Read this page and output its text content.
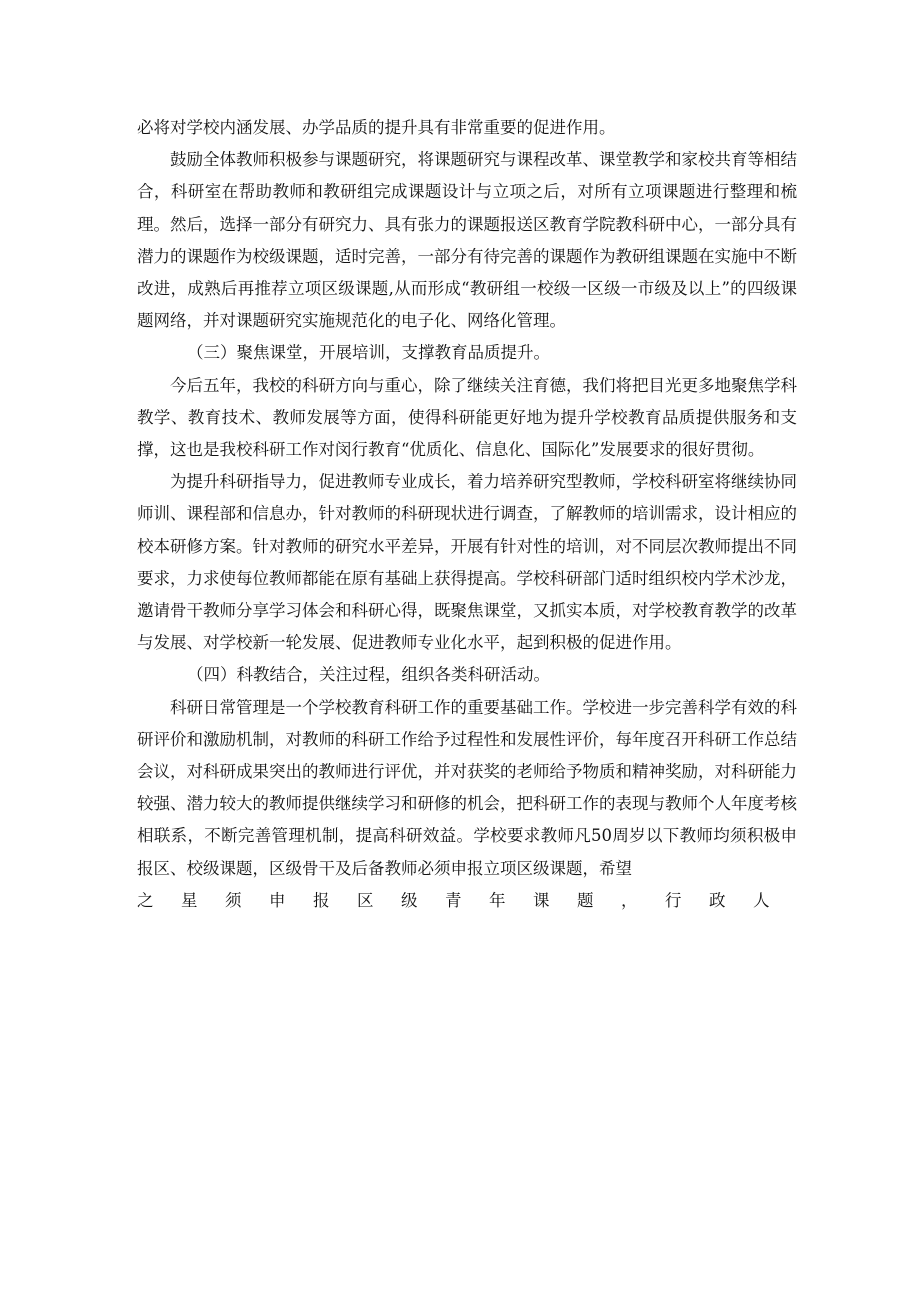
必将对学校内涵发展、办学品质的提升具有非常重要的促进作用。

鼓励全体教师积极参与课题研究，将课题研究与课程改革、课堂教学和家校共育等相结合，科研室在帮助教师和教研组完成课题设计与立项之后，对所有立项课题进行整理和梳理。然后，选择一部分有研究力、具有张力的课题报送区教育学院教科研中心，一部分具有潜力的课题作为校级课题，适时完善，一部分有待完善的课题作为教研组课题在实施中不断改进，成熟后再推荐立项区级课题,从而形成“教研组一校级一区级一市级及以上”的四级课题网络，并对课题研究实施规范化的电子化、网络化管理。

（三）聚焦课堂，开展培训，支撑教育品质提升。

今后五年，我校的科研方向与重心，除了继续关注育德，我们将把目光更多地聚焦学科教学、教育技术、教师发展等方面，使得科研能更好地为提升学校教育品质提供服务和支撑，这也是我校科研工作对闵行教育“优质化、信息化、国际化”发展要求的很好贯彻。

为提升科研指导力，促进教师专业成长，着力培养研究型教师，学校科研室将继续协同师训、课程部和信息办，针对教师的科研现状进行调查，了解教师的培训需求，设计相应的校本研修方案。针对教师的研究水平差异，开展有针对性的培训，对不同层次教师提出不同要求，力求使每位教师都能在原有基础上获得提高。学校科研部门适时组织校内学术沙龙，邀请骨干教师分享学习体会和科研心得，既聚焦课堂，又抓实本质，对学校教育教学的改革与发展、对学校新一轮发展、促进教师专业化水平，起到积极的促进作用。

（四）科教结合，关注过程，组织各类科研活动。

科研日常管理是一个学校教育科研工作的重要基础工作。学校进一步完善科学有效的科研评价和激励机制，对教师的科研工作给予过程性和发展性评价，每年度召开科研工作总结会议，对科研成果突出的教师进行评优，并对获奖的老师给予物质和精神奖励，对科研能力较强、潜力较大的教师提供继续学习和研修的机会，把科研工作的表现与教师个人年度考核相联系，不断完善管理机制，提高科研效益。学校要求教师凡50周岁以下教师均须积极申报区、校级课题，区级骨干及后备教师必须申报立项区级课题，希望

之 星 须 申 报 区 级 青 年 课 题 ， 行 政 人
